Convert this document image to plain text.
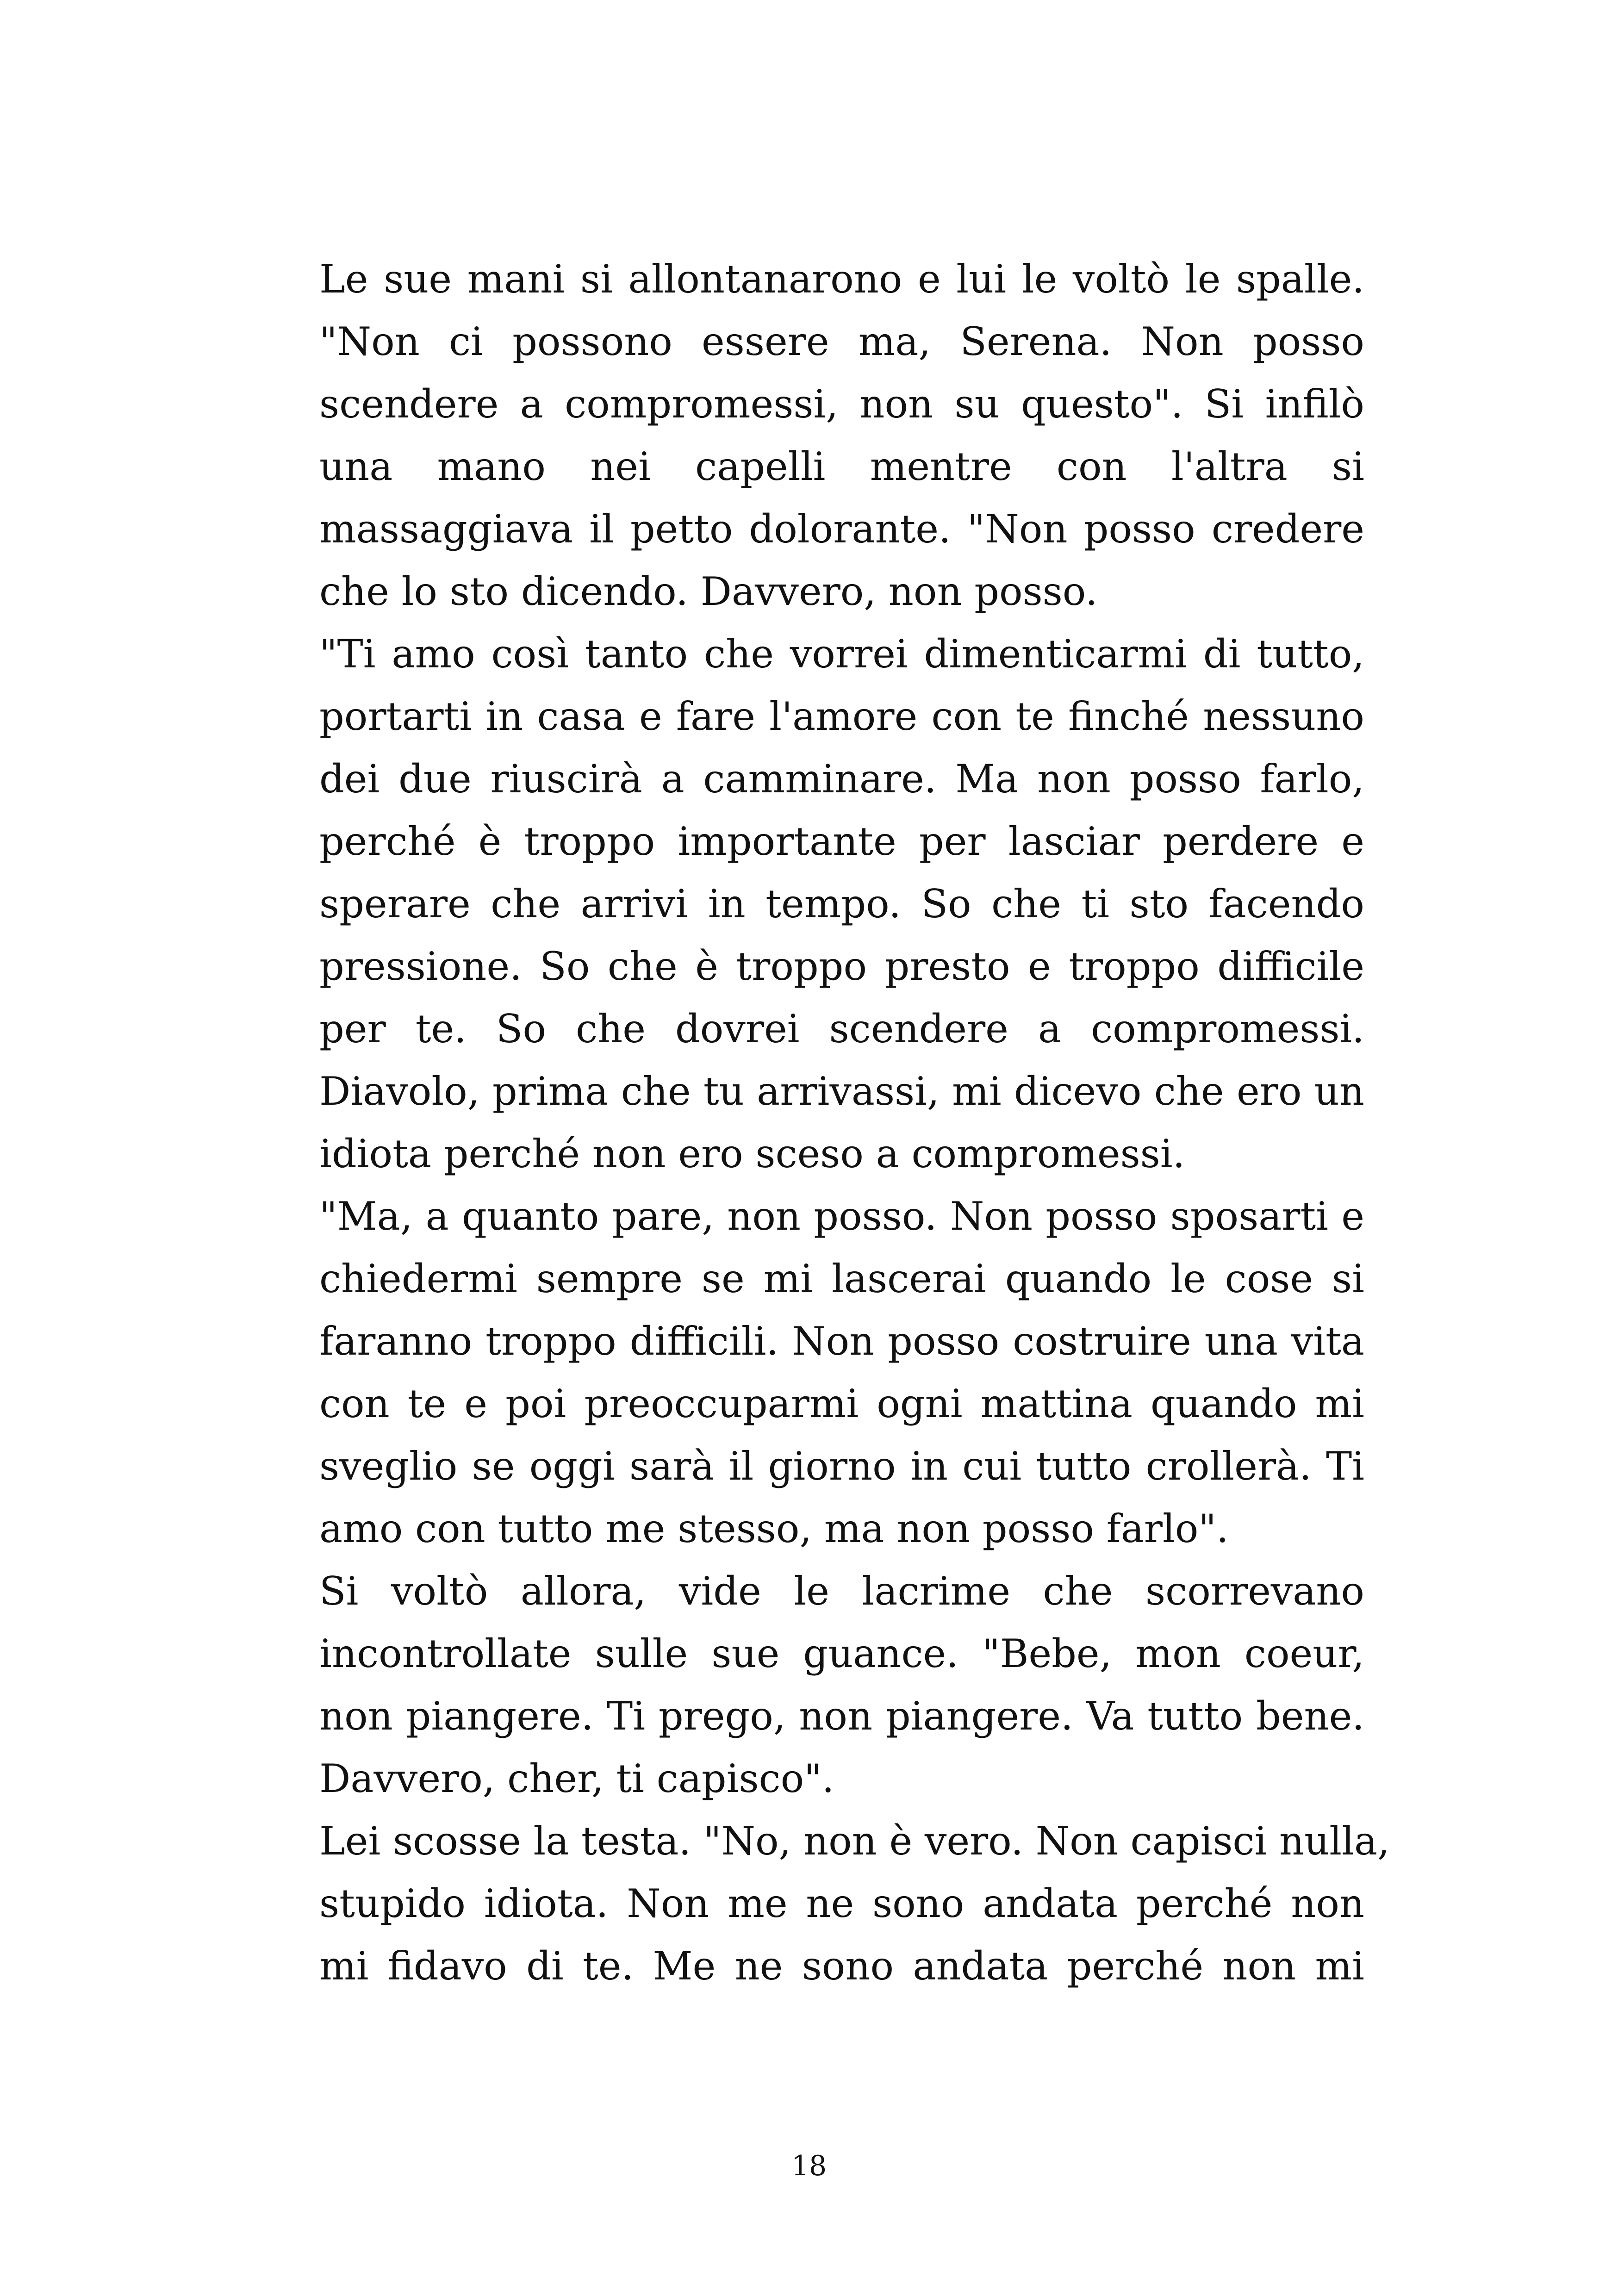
Le sue mani si allontanarono e lui le voltò le spalle.
"Non ci possono essere ma, Serena. Non posso
scendere a compromessi, non su questo". Si infilò
una mano nei capelli mentre con l'altra si
massaggiava il petto dolorante. "Non posso credere
che lo sto dicendo. Davvero, non posso.
"Ti amo così tanto che vorrei dimenticarmi di tutto,
portarti in casa e fare l'amore con te finché nessuno
dei due riuscirà a camminare. Ma non posso farlo,
perché è troppo importante per lasciar perdere e
sperare che arrivi in tempo. So che ti sto facendo
pressione. So che è troppo presto e troppo difficile
per te. So che dovrei scendere a compromessi.
Diavolo, prima che tu arrivassi, mi dicevo che ero un
idiota perché non ero sceso a compromessi.
"Ma, a quanto pare, non posso. Non posso sposarti e
chiedermi sempre se mi lascerai quando le cose si
faranno troppo difficili. Non posso costruire una vita
con te e poi preoccuparmi ogni mattina quando mi
sveglio se oggi sarà il giorno in cui tutto crollerà. Ti
amo con tutto me stesso, ma non posso farlo".
Si voltò allora, vide le lacrime che scorrevano
incontrollate sulle sue guance. "Bebe, mon coeur,
non piangere. Ti prego, non piangere. Va tutto bene.
Davvero, cher, ti capisco".
Lei scosse la testa. "No, non è vero. Non capisci nulla,
stupido idiota. Non me ne sono andata perché non
mi fidavo di te. Me ne sono andata perché non mi
18
